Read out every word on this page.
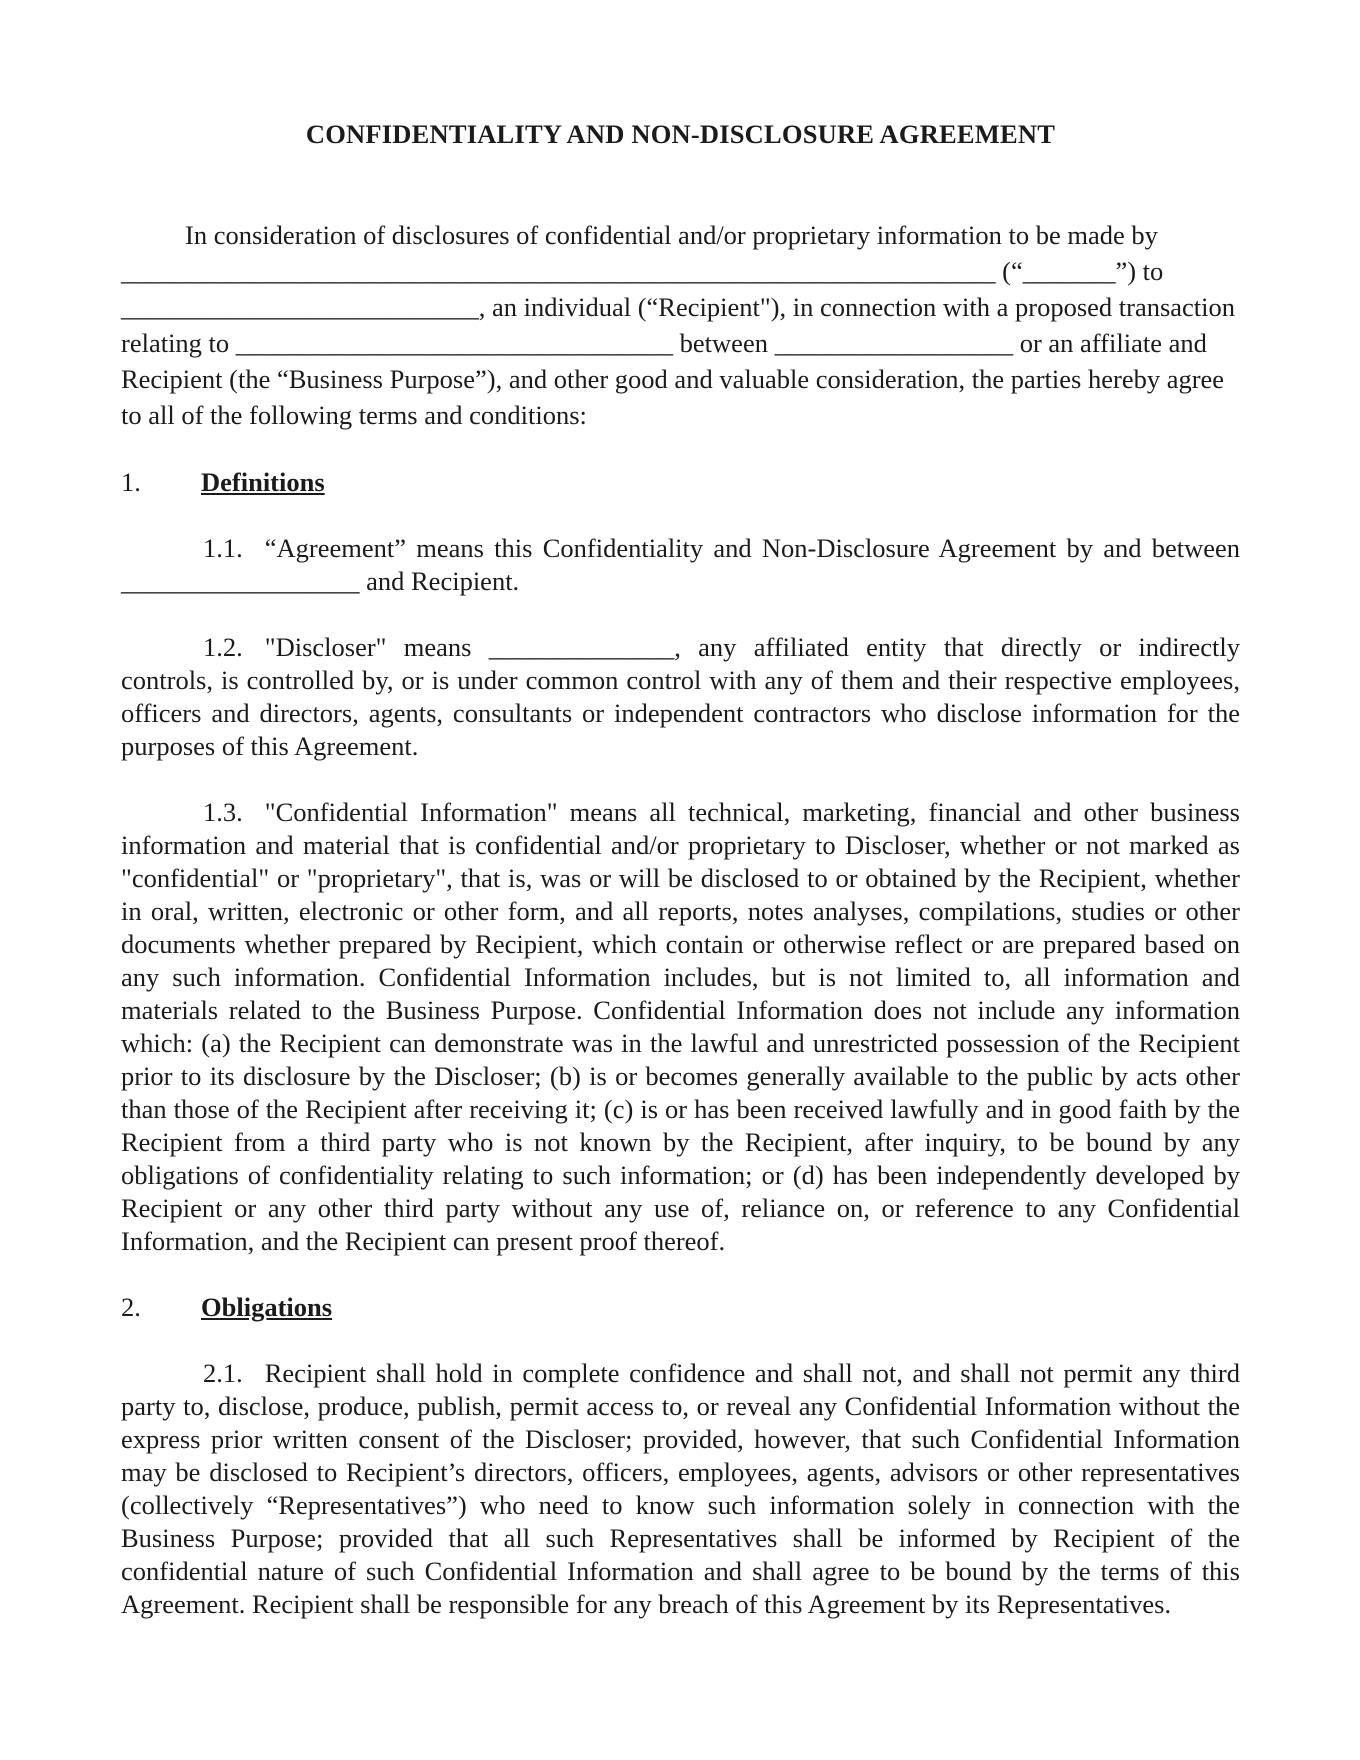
CONFIDENTIALITY AND NON-DISCLOSURE AGREEMENT

In consideration of disclosures of confidential and/or proprietary information to be made by __________________________________________________________________ (“_______”) to ___________________________, an individual (“Recipient"), in connection with a proposed transaction relating to _________________________________ between __________________ or an affiliate and Recipient (the “Business Purpose”), and other good and valuable consideration, the parties hereby agree to all of the following terms and conditions:

1. Definitions

1.1. “Agreement” means this Confidentiality and Non-Disclosure Agreement by and between __________________ and Recipient.

1.2. "Discloser" means ______________, any affiliated entity that directly or indirectly controls, is controlled by, or is under common control with any of them and their respective employees, officers and directors, agents, consultants or independent contractors who disclose information for the purposes of this Agreement.

1.3. "Confidential Information" means all technical, marketing, financial and other business information and material that is confidential and/or proprietary to Discloser, whether or not marked as "confidential" or "proprietary", that is, was or will be disclosed to or obtained by the Recipient, whether in oral, written, electronic or other form, and all reports, notes analyses, compilations, studies or other documents whether prepared by Recipient, which contain or otherwise reflect or are prepared based on any such information. Confidential Information includes, but is not limited to, all information and materials related to the Business Purpose. Confidential Information does not include any information which: (a) the Recipient can demonstrate was in the lawful and unrestricted possession of the Recipient prior to its disclosure by the Discloser; (b) is or becomes generally available to the public by acts other than those of the Recipient after receiving it; (c) is or has been received lawfully and in good faith by the Recipient from a third party who is not known by the Recipient, after inquiry, to be bound by any obligations of confidentiality relating to such information; or (d) has been independently developed by Recipient or any other third party without any use of, reliance on, or reference to any Confidential Information, and the Recipient can present proof thereof.

2. Obligations

2.1. Recipient shall hold in complete confidence and shall not, and shall not permit any third party to, disclose, produce, publish, permit access to, or reveal any Confidential Information without the express prior written consent of the Discloser; provided, however, that such Confidential Information may be disclosed to Recipient’s directors, officers, employees, agents, advisors or other representatives (collectively “Representatives”) who need to know such information solely in connection with the Business Purpose; provided that all such Representatives shall be informed by Recipient of the confidential nature of such Confidential Information and shall agree to be bound by the terms of this Agreement. Recipient shall be responsible for any breach of this Agreement by its Representatives.
